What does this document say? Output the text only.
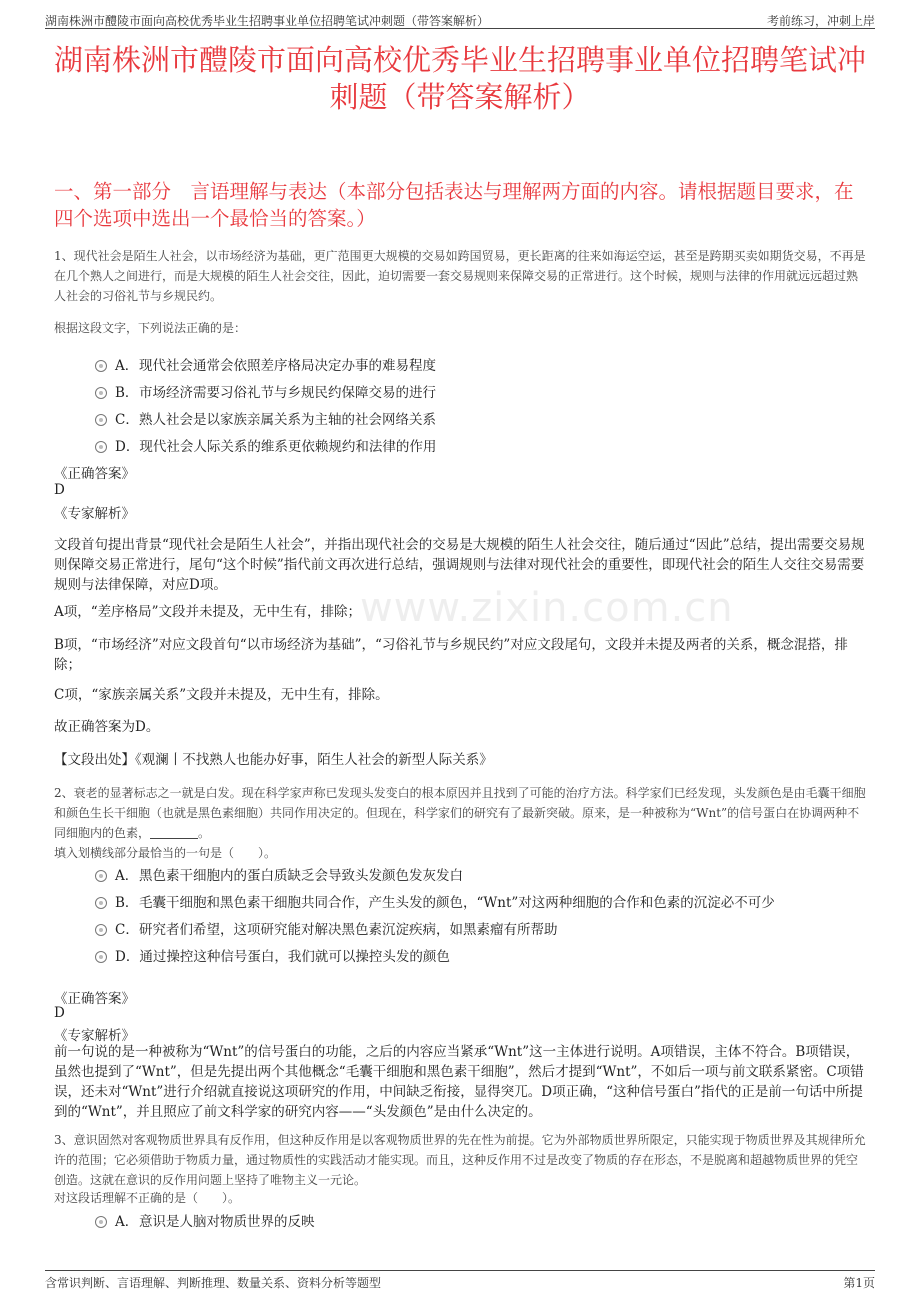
湖南株洲市醴陵市面向高校优秀毕业生招聘事业单位招聘笔试冲刺题（带答案解析）	考前练习，冲刺上岸
湖南株洲市醴陵市面向高校优秀毕业生招聘事业单位招聘笔试冲刺题（带答案解析）
一、第一部分　言语理解与表达（本部分包括表达与理解两方面的内容。请根据题目要求，在四个选项中选出一个最恰当的答案。）
1、现代社会是陌生人社会，以市场经济为基础，更广范围更大规模的交易如跨国贸易，更长距离的往来如海运空运，甚至是跨期买卖如期货交易，不再是在几个熟人之间进行，而是大规模的陌生人社会交往，因此，迫切需要一套交易规则来保障交易的正常进行。这个时候，规则与法律的作用就远远超过熟人社会的习俗礼节与乡规民约。
根据这段文字，下列说法正确的是：
A．现代社会通常会依照差序格局决定办事的难易程度
B．市场经济需要习俗礼节与乡规民约保障交易的进行
C．熟人社会是以家族亲属关系为主轴的社会网络关系
D．现代社会人际关系的维系更依赖规约和法律的作用
《正确答案》
D
《专家解析》
文段首句提出背景“现代社会是陌生人社会”，并指出现代社会的交易是大规模的陌生人社会交往，随后通过“因此”总结，提出需要交易规则保障交易正常进行，尾句“这个时候”指代前文再次进行总结，强调规则与法律对现代社会的重要性，即现代社会的陌生人交往交易需要规则与法律保障，对应D项。
A项，“差序格局”文段并未提及，无中生有，排除；
B项，“市场经济”对应文段首句“以市场经济为基础”，“习俗礼节与乡规民约”对应文段尾句，文段并未提及两者的关系，概念混搭，排除；
C项，“家族亲属关系”文段并未提及，无中生有，排除。
故正确答案为D。
【文段出处】《观澜丨不找熟人也能办好事，陌生人社会的新型人际关系》
www.zixin.com.cn
2、衰老的显著标志之一就是白发。现在科学家声称已发现头发变白的根本原因并且找到了可能的治疗方法。科学家们已经发现，头发颜色是由毛囊干细胞和颜色生长干细胞（也就是黑色素细胞）共同作用决定的。但现在，科学家们的研究有了最新突破。原来，是一种被称为“Wnt”的信号蛋白在协调两种不同细胞内的色素，	。
填入划横线部分最恰当的一句是（　　）。
A．黑色素干细胞内的蛋白质缺乏会导致头发颜色发灰发白
B．毛囊干细胞和黑色素干细胞共同合作，产生头发的颜色，“Wnt”对这两种细胞的合作和色素的沉淀必不可少
C．研究者们希望，这项研究能对解决黑色素沉淀疾病，如黑素瘤有所帮助
D．通过操控这种信号蛋白，我们就可以操控头发的颜色
《正确答案》
D
《专家解析》
前一句说的是一种被称为“Wnt”的信号蛋白的功能，之后的内容应当紧承“Wnt”这一主体进行说明。A项错误，主体不符合。B项错误，虽然也提到了“Wnt”，但是先提出两个其他概念“毛囊干细胞和黑色素干细胞”，然后才提到“Wnt”，不如后一项与前文联系紧密。C项错误，还未对“Wnt”进行介绍就直接说这项研究的作用，中间缺乏衔接，显得突兀。D项正确，“这种信号蛋白”指代的正是前一句话中所提到的“Wnt”，并且照应了前文科学家的研究内容——“头发颜色”是由什么决定的。
3、意识固然对客观物质世界具有反作用，但这种反作用是以客观物质世界的先在性为前提。它为外部物质世界所限定，只能实现于物质世界及其规律所允许的范围；它必须借助于物质力量，通过物质性的实践活动才能实现。而且，这种反作用不过是改变了物质的存在形态，不是脱离和超越物质世界的凭空创造。这就在意识的反作用问题上坚持了唯物主义一元论。
对这段话理解不正确的是（　　）。
A．意识是人脑对物质世界的反映
含常识判断、言语理解、判断推理、数量关系、资料分析等题型	第1页
